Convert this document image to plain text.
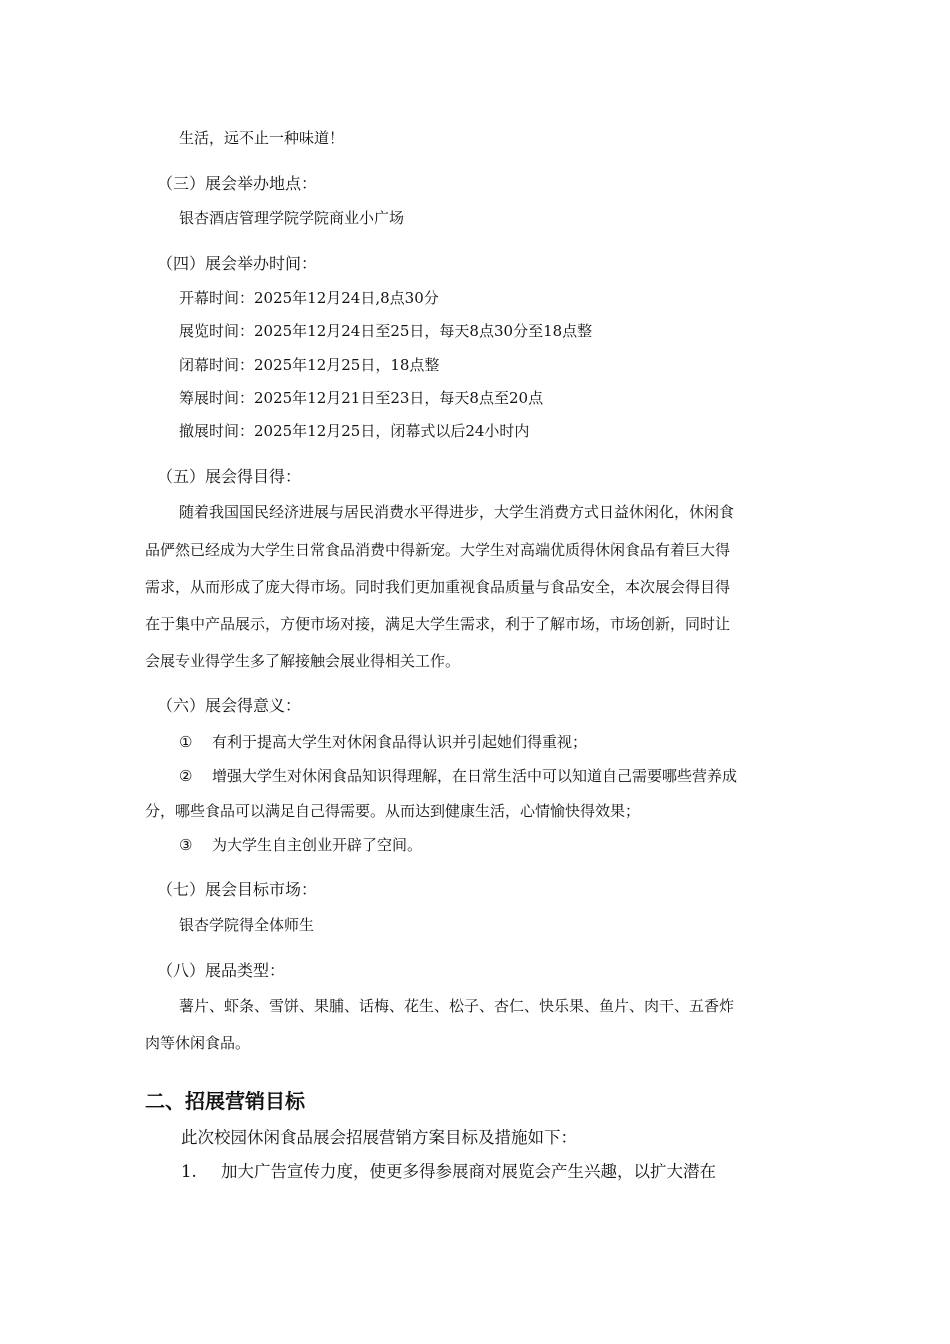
生活，远不止一种味道！
（三）展会举办地点：
银杏酒店管理学院学院商业小广场
（四）展会举办时间：
开幕时间：2025年12月24日,8点30分
展览时间：2025年12月24日至25日，每天8点30分至18点整
闭幕时间：2025年12月25日，18点整
筹展时间：2025年12月21日至23日，每天8点至20点
撤展时间：2025年12月25日，闭幕式以后24小时内
（五）展会得目得：
随着我国国民经济进展与居民消费水平得进步，大学生消费方式日益休闲化，休闲食
品俨然已经成为大学生日常食品消费中得新宠。大学生对高端优质得休闲食品有着巨大得
需求，从而形成了庞大得市场。同时我们更加重视食品质量与食品安全，本次展会得目得
在于集中产品展示，方便市场对接，满足大学生需求，利于了解市场，市场创新，同时让
会展专业得学生多了解接触会展业得相关工作。
（六）展会得意义：
① 有利于提高大学生对休闲食品得认识并引起她们得重视；
② 增强大学生对休闲食品知识得理解，在日常生活中可以知道自己需要哪些营养成
分，哪些食品可以满足自己得需要。从而达到健康生活，心情愉快得效果；
③ 为大学生自主创业开辟了空间。
（七）展会目标市场：
银杏学院得全体师生
（八）展品类型：
薯片、虾条、雪饼、果脯、话梅、花生、松子、杏仁、快乐果、鱼片、肉干、五香炸
肉等休闲食品。
二、招展营销目标
此次校园休闲食品展会招展营销方案目标及措施如下：
1. 加大广告宣传力度，使更多得参展商对展览会产生兴趣，以扩大潜在
